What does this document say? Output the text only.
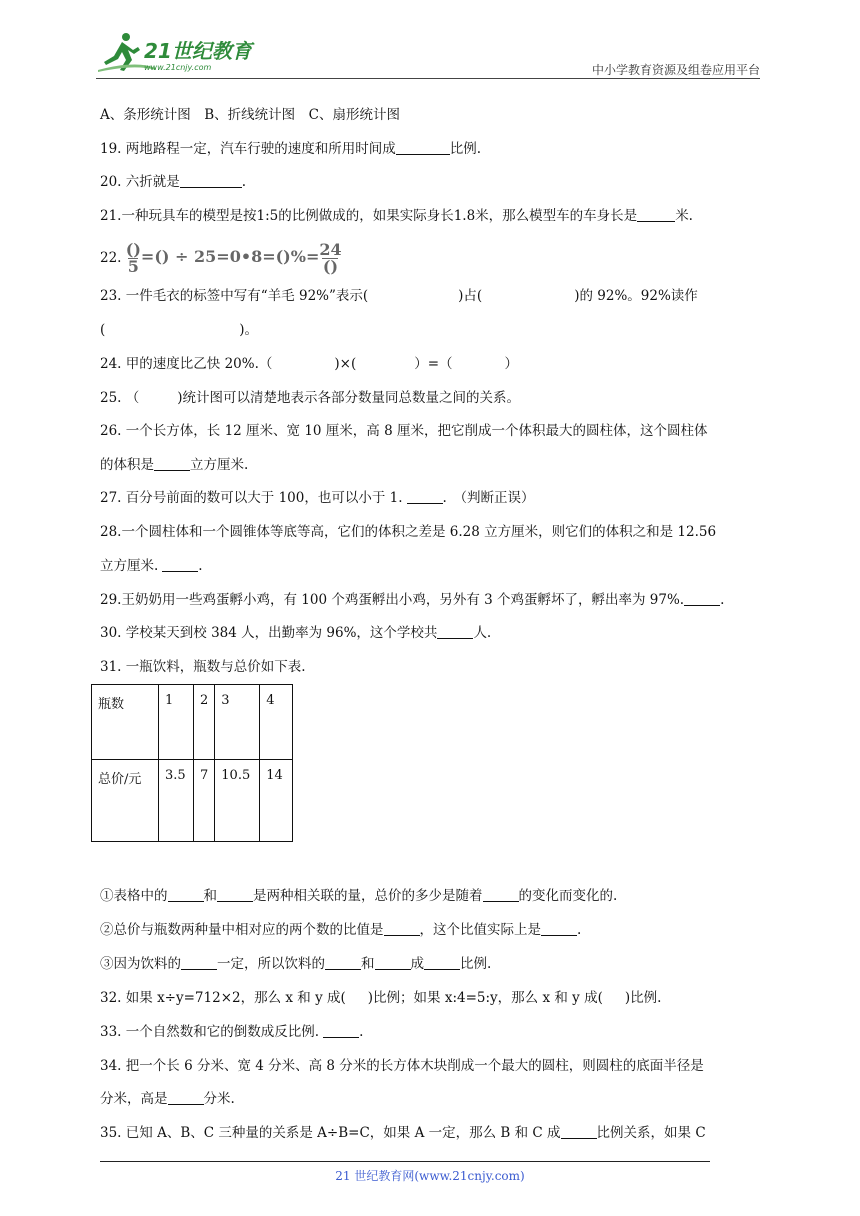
21世纪教育
www.21cnjy.com	中小学教育资源及组卷应用平台
A、条形统计图　B、折线统计图　C、扇形统计图
19. 两地路程一定，汽车行驶的速度和所用时间成	比例.
20. 六折就是	.
21.一种玩具车的模型是按1:5的比例做成的，如果实际身长1.8米，那么模型车的车身长是	米.
22. $\frac{()}{5}$ =() ÷ 25=0•8=()%= $\frac{24}{()}$
23. 一件毛衣的标签中写有“羊毛 92%”表示(	)占(	)的 92%。92%读作
(	)。
24. 甲的速度比乙快 20%.（	)×(	）=（	）
25. （	)统计图可以清楚地表示各部分数量同总数量之间的关系。
26. 一个长方体，长 12 厘米、宽 10 厘米，高 8 厘米，把它削成一个体积最大的圆柱体，这个圆柱体
的体积是	立方厘米.
27. 百分号前面的数可以大于 100，也可以小于 1.	.　（判断正误）
28.一个圆柱体和一个圆锥体等底等高，它们的体积之差是 6.28 立方厘米，则它们的体积之和是 12.56
立方厘米.	.
29.王奶奶用一些鸡蛋孵小鸡，有 100 个鸡蛋孵出小鸡，另外有 3 个鸡蛋孵坏了，孵出率为 97%.	.
30. 学校某天到校 384 人，出勤率为 96%，这个学校共	人.
31. 一瓶饮料，瓶数与总价如下表.
瓶数	1	2	3	4
总价/元	3.5	7	10.5	14
①表格中的	和	是两种相关联的量，总价的多少是随着	的变化而变化的.
②总价与瓶数两种量中相对应的两个数的比值是	，这个比值实际上是	.
③因为饮料的	一定，所以饮料的	和	成	比例.
32. 如果 x÷y=712×2，那么 x 和 y 成( )比例；如果 x:4=5:y，那么 x 和 y 成( )比例.
33. 一个自然数和它的倒数成反比例.	.
34. 把一个长 6 分米、宽 4 分米、高 8 分米的长方体木块削成一个最大的圆柱，则圆柱的底面半径是
分米，高是	分米.
35. 已知 A、B、C 三种量的关系是 A÷B=C，如果 A 一定，那么 B 和 C 成	比例关系，如果 C
21 世纪教育网(www.21cnjy.com)
